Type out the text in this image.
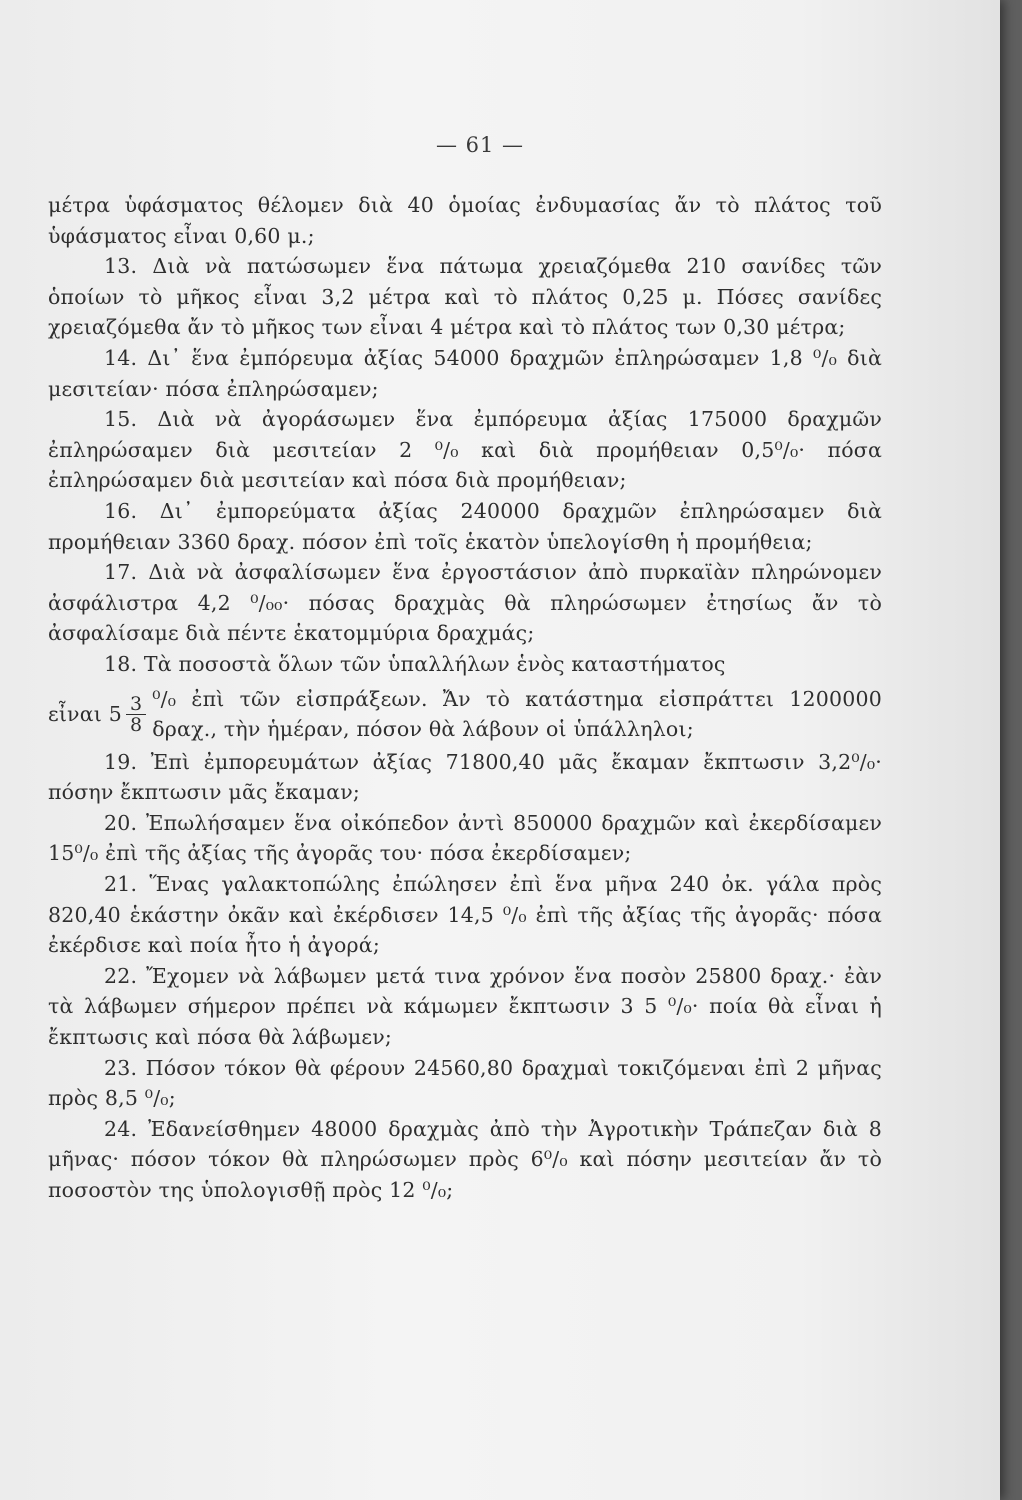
— 61 —

μέτρα ὑφάσματος θέλομεν διὰ 40 ὁμοίας ἐνδυμασίας ἄν τὸ πλάτος τοῦ ὑφάσματος εἶναι 0,60 μ.;

13. Διὰ νὰ πατώσωμεν ἕνα πάτωμα χρειαζόμεθα 210 σανίδες τῶν ὁποίων τὸ μῆκος εἶναι 3,2 μέτρα καὶ τὸ πλάτος 0,25 μ. Πόσες σανίδες χρειαζόμεθα ἄν τὸ μῆκος των εἶναι 4 μέτρα καὶ τὸ πλάτος των 0,30 μέτρα;

14. Δι᾽ ἕνα ἐμπόρευμα ἀξίας 54000 δραχμῶν ἐπληρώσαμεν 1,8 ⁰/₀ διὰ μεσιτείαν· πόσα ἐπληρώσαμεν;

15. Διὰ νὰ ἀγοράσωμεν ἕνα ἐμπόρευμα ἀξίας 175000 δραχμῶν ἐπληρώσαμεν διὰ μεσιτείαν 2 ⁰/₀ καὶ διὰ προμήθειαν 0,5⁰/₀· πόσα ἐπληρώσαμεν διὰ μεσιτείαν καὶ πόσα διὰ προμήθειαν;

16. Δι᾽ ἐμπορεύματα ἀξίας 240000 δραχμῶν ἐπληρώσαμεν διὰ προμήθειαν 3360 δραχ. πόσον ἐπὶ τοῖς ἑκατὸν ὑπελογίσθη ἡ προμήθεια;

17. Διὰ νὰ ἀσφαλίσωμεν ἕνα ἐργοστάσιον ἀπὸ πυρκαϊὰν πληρώνομεν ἀσφάλιστρα 4,2 ⁰/₀₀· πόσας δραχμὰς θὰ πληρώσωμεν ἐτησίως ἄν τὸ ἀσφαλίσαμε διὰ πέντε ἑκατομμύρια δραχμάς;

18. Τὰ ποσοστὰ ὅλων τῶν ὑπαλλήλων ἑνὸς καταστήματος

εἶναι $5 \frac{3}{8} ^0/_0$ ἐπὶ τῶν εἰσπράξεων. Ἄν τὸ κατάστημα εἰσπράττει 1200000 δραχ., τὴν ἡμέραν, πόσον θὰ λάβουν οἱ ὑπάλληλοι;

19. Ἐπὶ ἐμπορευμάτων ἀξίας 71800,40 μᾶς ἔκαμαν ἔκπτωσιν 3,2⁰/₀· πόσην ἔκπτωσιν μᾶς ἔκαμαν;

20. Ἐπωλήσαμεν ἕνα οἰκόπεδον ἀντὶ 850000 δραχμῶν καὶ ἐκερδίσαμεν 15⁰/₀ ἐπὶ τῆς ἀξίας τῆς ἀγορᾶς του· πόσα ἐκερδίσαμεν;

21. Ἕνας γαλακτοπώλης ἐπώλησεν ἐπὶ ἕνα μῆνα 240 ὀκ. γάλα πρὸς 820,40 ἑκάστην ὀκᾶν καὶ ἐκέρδισεν 14,5 ⁰/₀ ἐπὶ τῆς ἀξίας τῆς ἀγορᾶς· πόσα ἐκέρδισε καὶ ποία ἦτο ἡ ἀγορά;

22. Ἔχομεν νὰ λάβωμεν μετά τινα χρόνον ἕνα ποσὸν 25800 δραχ.· ἐὰν τὰ λάβωμεν σήμερον πρέπει νὰ κάμωμεν ἔκπτωσιν 3 5 ⁰/₀· ποία θὰ εἶναι ἡ ἔκπτωσις καὶ πόσα θὰ λάβωμεν;

23. Πόσον τόκον θὰ φέρουν 24560,80 δραχμαὶ τοκιζόμεναι ἐπὶ 2 μῆνας πρὸς 8,5 ⁰/₀;

24. Ἐδανείσθημεν 48000 δραχμὰς ἀπὸ τὴν Ἀγροτικὴν Τράπεζαν διὰ 8 μῆνας· πόσον τόκον θὰ πληρώσωμεν πρὸς 6⁰/₀ καὶ πόσην μεσιτείαν ἄν τὸ ποσοστὸν της ὑπολογισθῇ πρὸς 12 ⁰/₀;
